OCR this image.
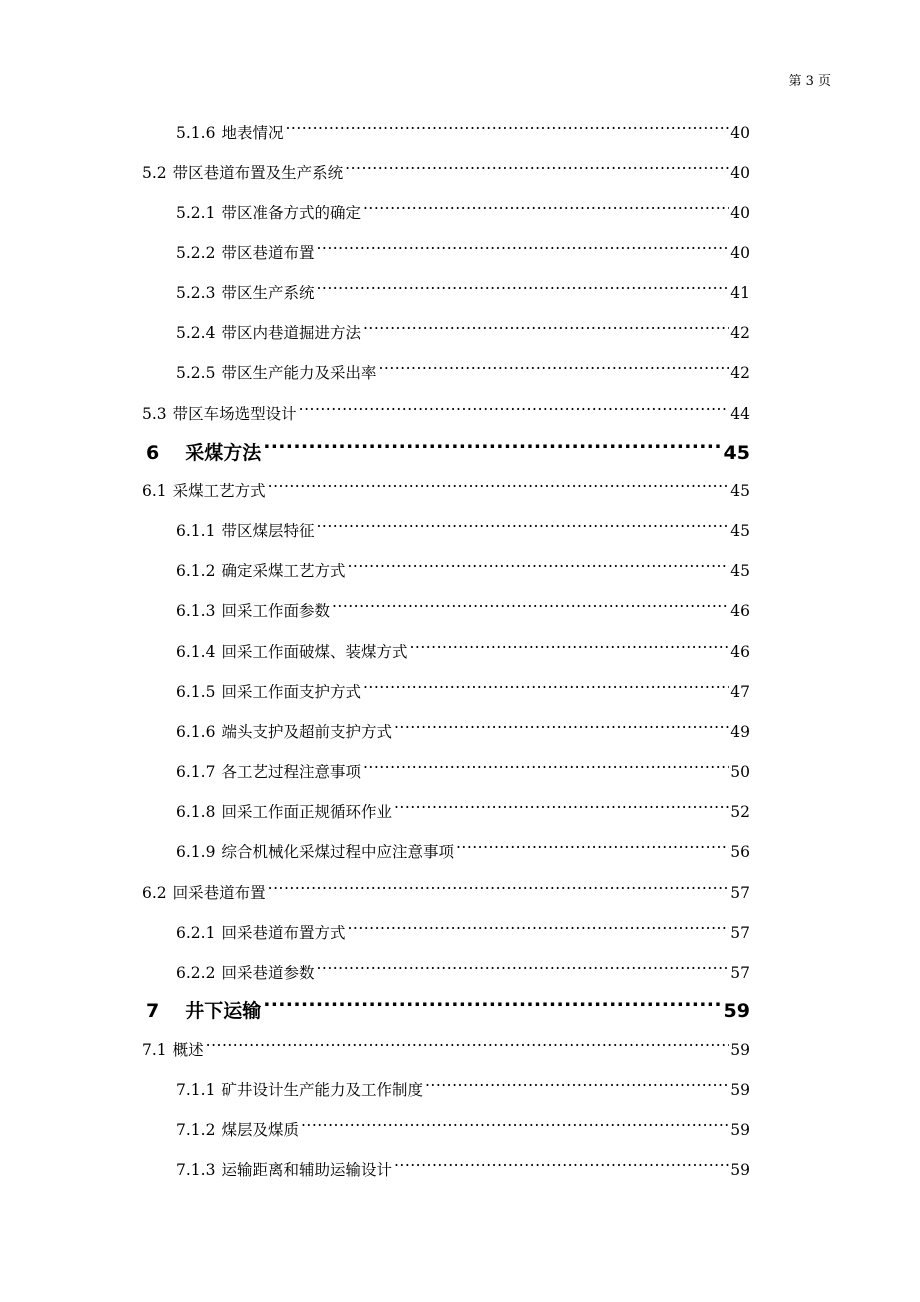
第 3 页
5.1.6 地表情况 .....	40
5.2 带区巷道布置及生产系统 .....	40
5.2.1 带区准备方式的确定 .....	40
5.2.2 带区巷道布置 .....	40
5.2.3 带区生产系统 .....	41
5.2.4 带区内巷道掘进方法 .....	42
5.2.5 带区生产能力及采出率 .....	42
5.3 带区车场选型设计 .....	44
6 采煤方法 .....	45
6.1 采煤工艺方式 .....	45
6.1.1 带区煤层特征 .....	45
6.1.2 确定采煤工艺方式 .....	45
6.1.3 回采工作面参数 .....	46
6.1.4 回采工作面破煤、装煤方式 .....	46
6.1.5 回采工作面支护方式 .....	47
6.1.6 端头支护及超前支护方式 .....	49
6.1.7 各工艺过程注意事项 .....	50
6.1.8 回采工作面正规循环作业 .....	52
6.1.9 综合机械化采煤过程中应注意事项 .....	56
6.2 回采巷道布置 .....	57
6.2.1 回采巷道布置方式 .....	57
6.2.2 回采巷道参数 .....	57
7 井下运输 .....	59
7.1 概述 .....	59
7.1.1 矿井设计生产能力及工作制度 .....	59
7.1.2 煤层及煤质 .....	59
7.1.3 运输距离和辅助运输设计 .....	59
